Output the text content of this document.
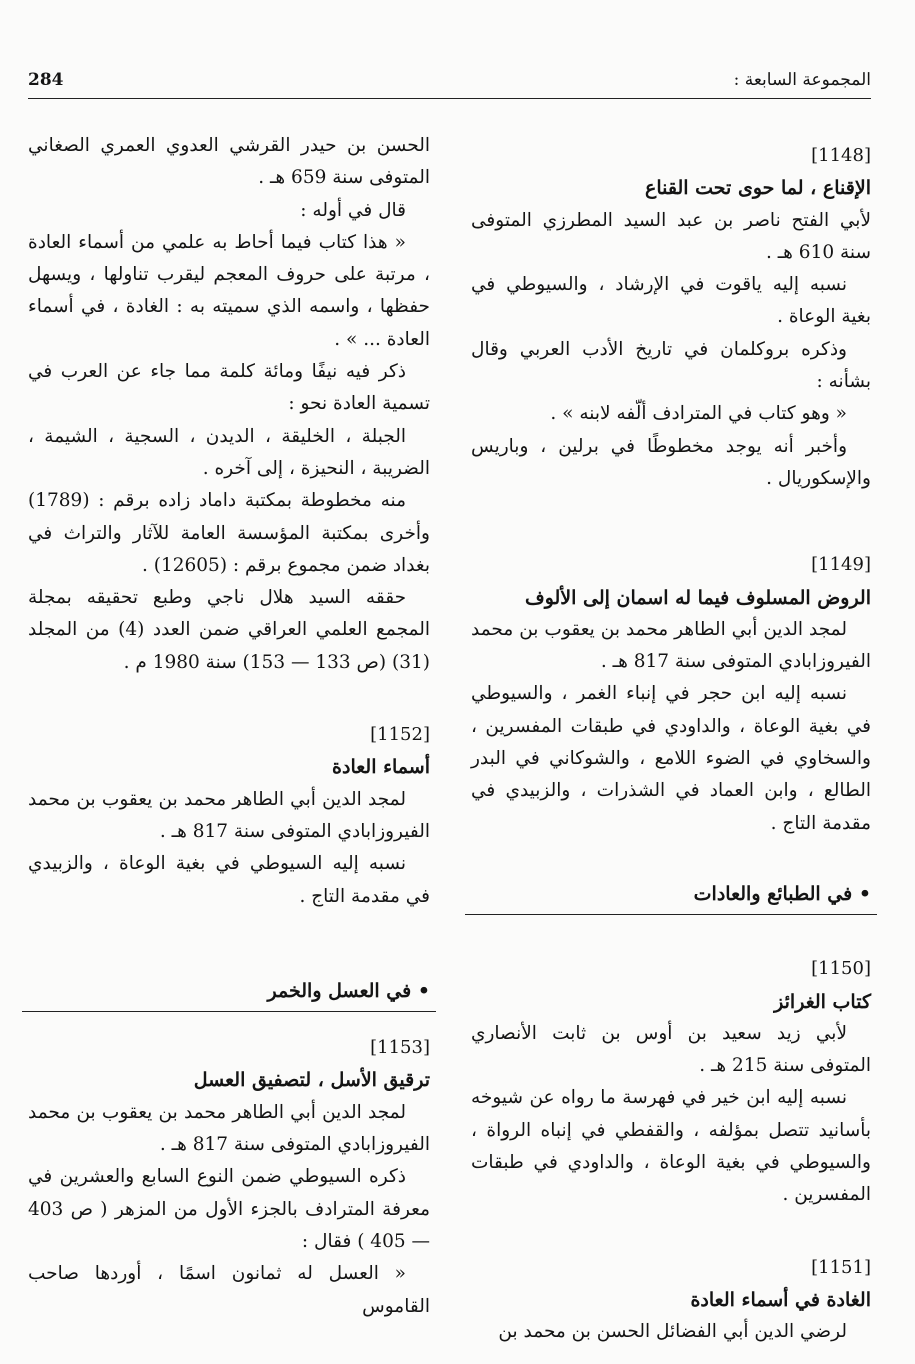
284	المجموعة السابعة :
[1148]
الإقناع ، لما حوى تحت القناع

لأبي الفتح ناصر بن عبد السيد المطرزي المتوفى سنة 610 هـ .

نسبه إليه ياقوت في الإرشاد ، والسيوطي في بغية الوعاة .

وذكره بروكلمان في تاريخ الأدب العربي وقال بشأنه :

« وهو كتاب في المترادف ألّفه لابنه » .

وأخبر أنه يوجد مخطوطًا في برلين ، وباريس والإسكوريال .

[1149]
الروض المسلوف فيما له اسمان إلى الألوف

لمجد الدين أبي الطاهر محمد بن يعقوب بن محمد الفيروزابادي المتوفى سنة 817 هـ .

نسبه إليه ابن حجر في إنباء الغمر ، والسيوطي في بغية الوعاة ، والداودي في طبقات المفسرين ، والسخاوي في الضوء اللامع ، والشوكاني في البدر الطالع ، وابن العماد في الشذرات ، والزبيدي في مقدمة التاج .

• في الطبائع والعادات
[1150]
كتاب الغرائز

لأبي زيد سعيد بن أوس بن ثابت الأنصاري المتوفى سنة 215 هـ .

نسبه إليه ابن خير في فهرسة ما رواه عن شيوخه بأسانيد تتصل بمؤلفه ، والقفطي في إنباه الرواة ، والسيوطي في بغية الوعاة ، والداودي في طبقات المفسرين .

[1151]
الغادة في أسماء العادة

لرضي الدين أبي الفضائل الحسن بن محمد بن

الحسن بن حيدر القرشي العدوي العمري الصغاني المتوفى سنة 659 هـ .

قال في أوله :

« هذا كتاب فيما أحاط به علمي من أسماء العادة ، مرتبة على حروف المعجم ليقرب تناولها ، ويسهل حفظها ، واسمه الذي سميته به : الغادة ، في أسماء العادة ... » .

ذكر فيه نيفًا ومائة كلمة مما جاء عن العرب في تسمية العادة نحو :

الجبلة ، الخليقة ، الديدن ، السجية ، الشيمة ، الضريبة ، النحيزة ، إلى آخره .

منه مخطوطة بمكتبة داماد زاده برقم : (1789) وأخرى بمكتبة المؤسسة العامة للآثار والتراث في بغداد ضمن مجموع برقم : (12605) .

حققه السيد هلال ناجي وطبع تحقيقه بمجلة المجمع العلمي العراقي ضمن العدد (4) من المجلد (31) (ص 133 — 153) سنة 1980 م .

[1152]
أسماء العادة

لمجد الدين أبي الطاهر محمد بن يعقوب بن محمد الفيروزابادي المتوفى سنة 817 هـ .

نسبه إليه السيوطي في بغية الوعاة ، والزبيدي في مقدمة التاج .

• في العسل والخمر
[1153]
ترقيق الأسل ، لتصفيق العسل

لمجد الدين أبي الطاهر محمد بن يعقوب بن محمد الفيروزابادي المتوفى سنة 817 هـ .

ذكره السيوطي ضمن النوع السابع والعشرين في معرفة المترادف بالجزء الأول من المزهر ( ص 403 — 405 ) فقال :

« العسل له ثمانون اسمًا ، أوردها صاحب القاموس
